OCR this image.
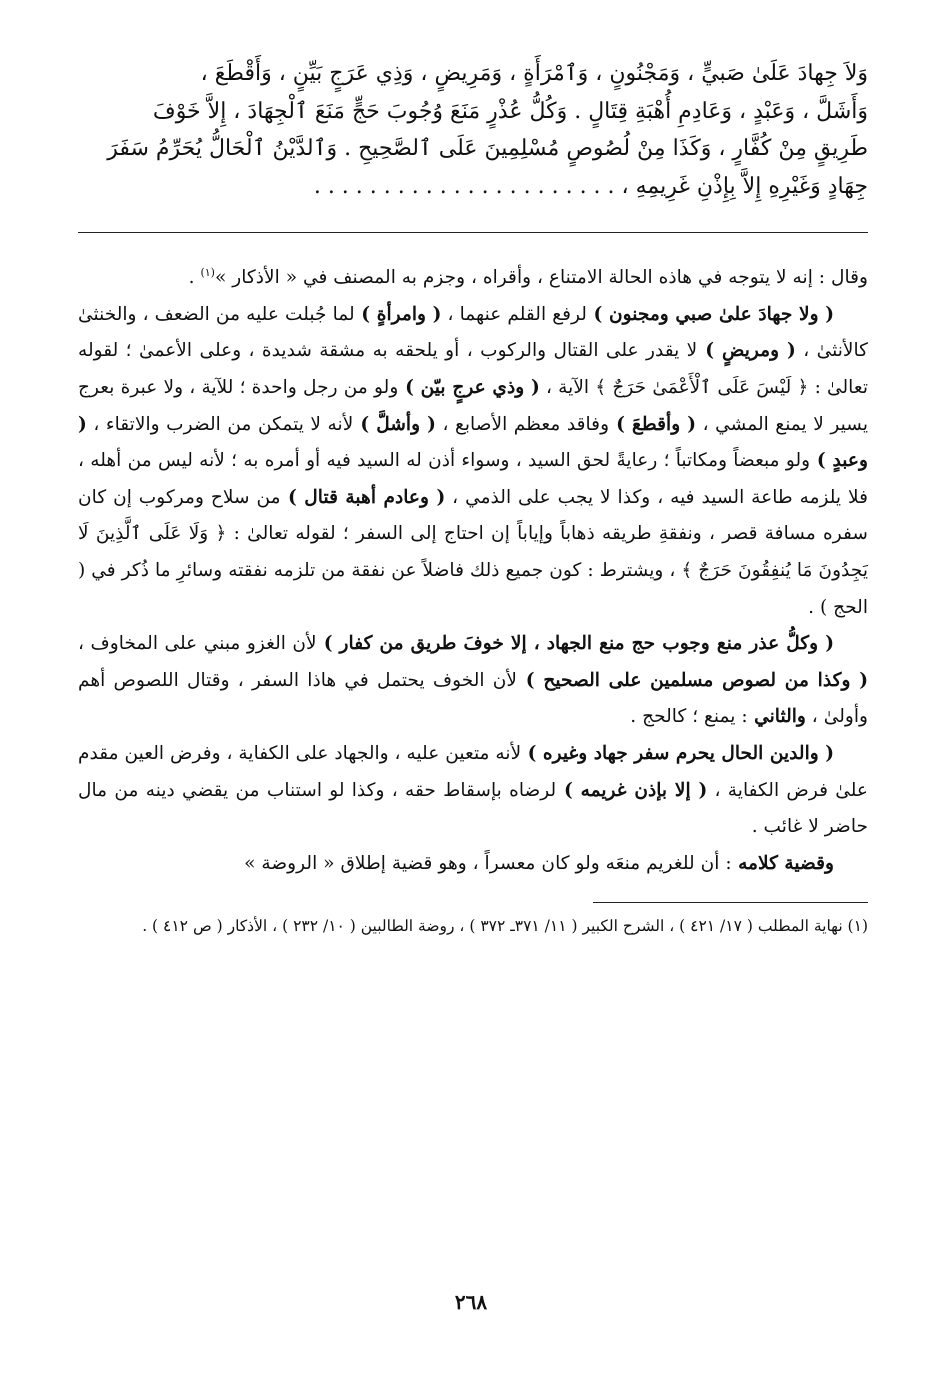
وَلاَ جِهادَ عَلَىٰ صَبيٍّ ، وَمَجْنُونٍ ، وَٱمْرَأَةٍ ، وَمَرِيضٍ ، وَذِي عَرَجٍ بَيِّنٍ ، وَأَقْطَعَ ،

وَأَشَلَّ ، وَعَبْدٍ ، وَعَادِمِ أُهْبَةِ قِتَالٍ . وَكُلُّ عُذْرٍ مَنَعَ وُجُوبَ حَجٍّ مَنَعَ ٱلْجِهَادَ ، إِلاَّ خَوْفَ

طَرِيقٍ مِنْ كُفَّارٍ ، وَكَذَا مِنْ لُصُوصٍ مُسْلِمِينَ عَلَى ٱلصَّحِيحِ . وَٱلدَّيْنُ ٱلْحَالُّ يُحَرِّمُ سَفَرَ

جِهَادٍ وَغَيْرِهِ إِلاَّ بِإِذْنِ غَرِيمِهِ ، . . . . . . . . . . . . . . . . . . . . . .

وقال : إنه لا يتوجه في هاذه الحالة الامتناع ، وأقراه ، وجزم به المصنف في « الأذكار »$^{(١)}$ .

( ولا جهادَ علىٰ صبي ومجنون ) لرفع القلم عنهما ، ( وامرأةٍ ) لما جُبلت عليه من الضعف ، والخنثىٰ كالأنثىٰ ، ( ومريضٍ ) لا يقدر على القتال والركوب ، أو يلحقه به مشقة شديدة ، وعلى الأعمىٰ ؛ لقوله تعالىٰ : ﴿ لَيْسَ عَلَى ٱلْأَعْمَىٰ حَرَجٌ ﴾ الآية ، ( وذي عرجٍ بيّن ) ولو من رجل واحدة ؛ للآية ، ولا عبرة بعرج يسير لا يمنع المشي ، ( وأقطعَ ) وفاقد معظم الأصابع ، ( وأشلَّ ) لأنه لا يتمكن من الضرب والاتقاء ، ( وعبدٍ ) ولو مبعضاً ومكاتباً ؛ رعايةً لحق السيد ، وسواء أذن له السيد فيه أو أمره به ؛ لأنه ليس من أهله ، فلا يلزمه طاعة السيد فيه ، وكذا لا يجب على الذمي ، ( وعادم أهبة قتال ) من سلاح ومركوب إن كان سفره مسافة قصر ، ونفقةِ طريقه ذهاباً وإياباً إن احتاج إلى السفر ؛ لقوله تعالىٰ : ﴿ وَلَا عَلَى ٱلَّذِينَ لَا يَجِدُونَ مَا يُنفِقُونَ حَرَجٌ ﴾ ، ويشترط : كون جميع ذلك فاضلاً عن نفقة من تلزمه نفقته وسائرِ ما ذُكر في ( الحج ) .

( وكلُّ عذر منع وجوب حج منع الجهاد ، إلا خوفَ طريق من كفار ) لأن الغزو مبني على المخاوف ، ( وكذا من لصوص مسلمين على الصحيح ) لأن الخوف يحتمل في هاذا السفر ، وقتال اللصوص أهم وأولىٰ ، والثاني : يمنع ؛ كالحج .

( والدين الحال يحرم سفر جهاد وغيره ) لأنه متعين عليه ، والجهاد على الكفاية ، وفرض العين مقدم علىٰ فرض الكفاية ، ( إلا بإذن غريمه ) لرضاه بإسقاط حقه ، وكذا لو استناب من يقضي دينه من مال حاضر لا غائب .

وقضية كلامه : أن للغريم منعَه ولو كان معسراً ، وهو قضية إطلاق « الروضة »

(١) نهاية المطلب ( ١٧/ ٤٢١ ) ، الشرح الكبير ( ١١/ ٣٧١ـ ٣٧٢ ) ، روضة الطالبين ( ١٠/ ٢٣٢ ) ، الأذكار ( ص ٤١٢ ) .
٢٦٨
